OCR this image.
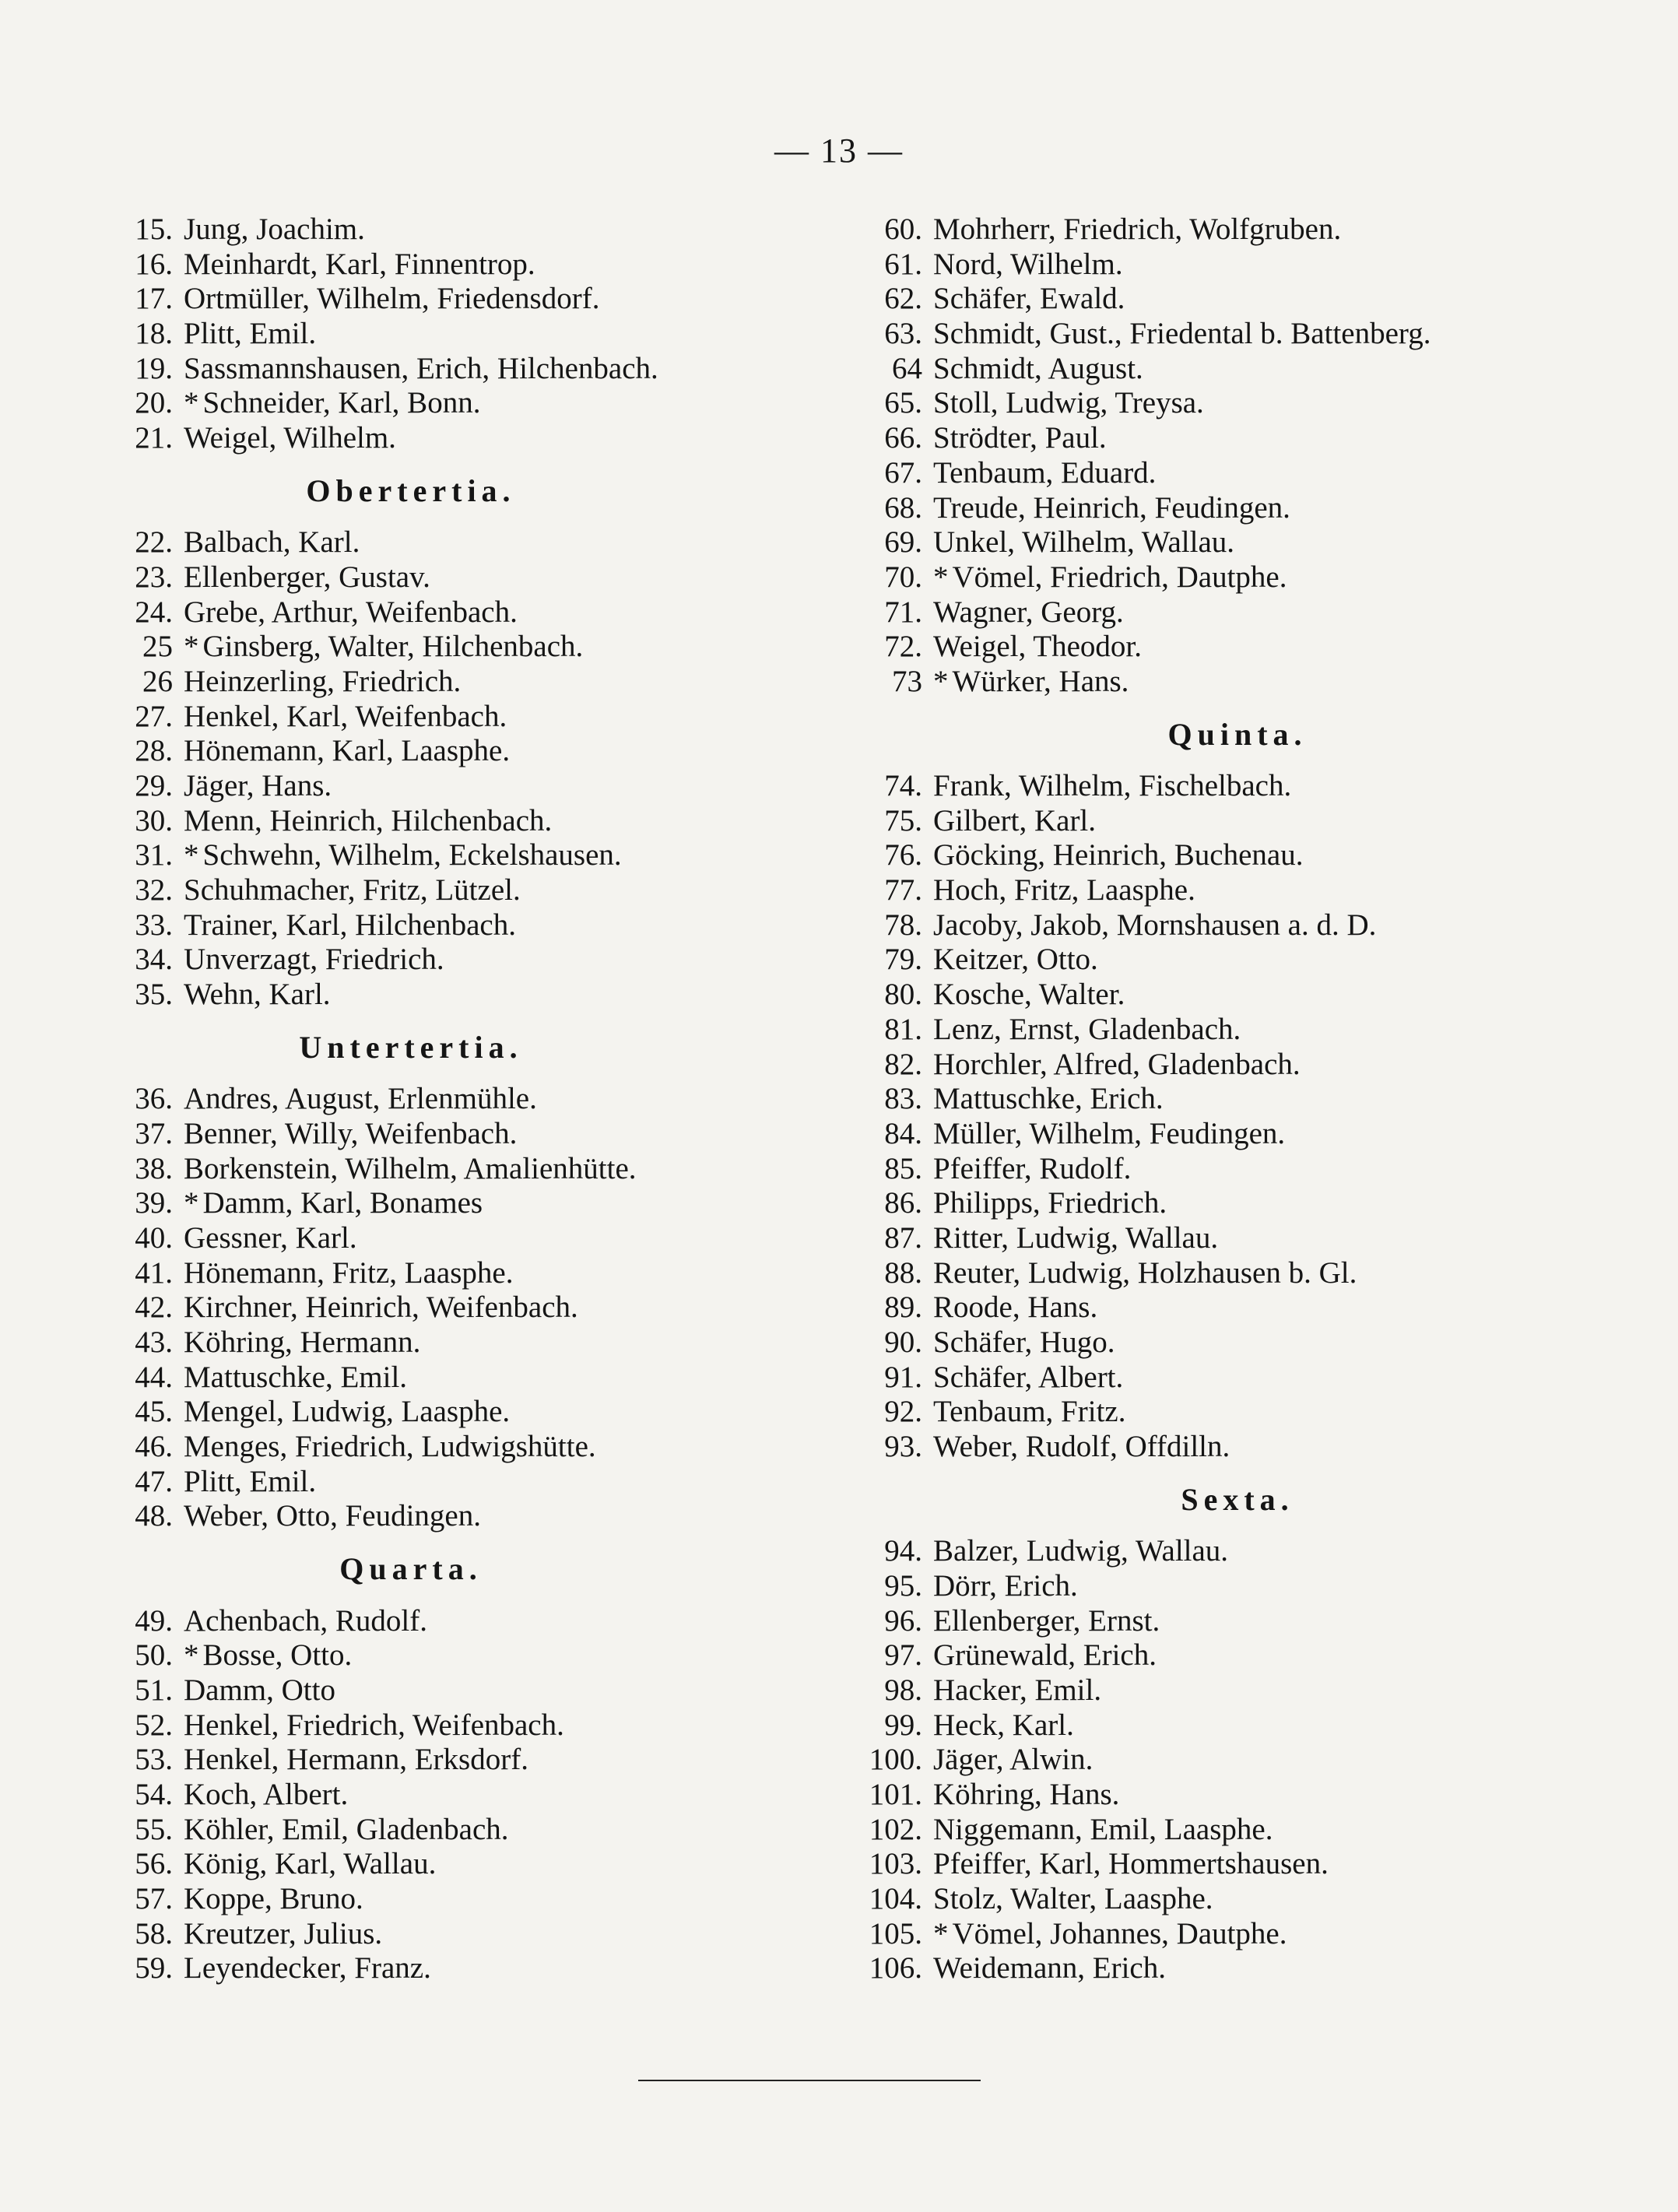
— 13 —
15. Jung, Joachim.
16. Meinhardt, Karl, Finnentrop.
17. Ortmüller, Wilhelm, Friedensdorf.
18. Plitt, Emil.
19. Sassmannshausen, Erich, Hilchenbach.
20. * Schneider, Karl, Bonn.
21. Weigel, Wilhelm.
Obertertia.
22. Balbach, Karl.
23. Ellenberger, Gustav.
24. Grebe, Arthur, Weifenbach.
25 * Ginsberg, Walter, Hilchenbach.
26 Heinzerling, Friedrich.
27. Henkel, Karl, Weifenbach.
28. Hönemann, Karl, Laasphe.
29. Jäger, Hans.
30. Menn, Heinrich, Hilchenbach.
31. * Schwehn, Wilhelm, Eckelshausen.
32. Schuhmacher, Fritz, Lützel.
33. Trainer, Karl, Hilchenbach.
34. Unverzagt, Friedrich.
35. Wehn, Karl.
Untertertia.
36. Andres, August, Erlenmühle.
37. Benner, Willy, Weifenbach.
38. Borkenstein, Wilhelm, Amalienhütte.
39. * Damm, Karl, Bonames
40. Gessner, Karl.
41. Hönemann, Fritz, Laasphe.
42. Kirchner, Heinrich, Weifenbach.
43. Köhring, Hermann.
44. Mattuschke, Emil.
45. Mengel, Ludwig, Laasphe.
46. Menges, Friedrich, Ludwigshütte.
47. Plitt, Emil.
48. Weber, Otto, Feudingen.
Quarta.
49. Achenbach, Rudolf.
50. * Bosse, Otto.
51. Damm, Otto
52. Henkel, Friedrich, Weifenbach.
53. Henkel, Hermann, Erksdorf.
54. Koch, Albert.
55. Köhler, Emil, Gladenbach.
56. König, Karl, Wallau.
57. Koppe, Bruno.
58. Kreutzer, Julius.
59. Leyendecker, Franz.
60. Mohrherr, Friedrich, Wolfgruben.
61. Nord, Wilhelm.
62. Schäfer, Ewald.
63. Schmidt, Gust., Friedental b. Battenberg.
64 Schmidt, August.
65. Stoll, Ludwig, Treysa.
66. Strödter, Paul.
67. Tenbaum, Eduard.
68. Treude, Heinrich, Feudingen.
69. Unkel, Wilhelm, Wallau.
70. * Vömel, Friedrich, Dautphe.
71. Wagner, Georg.
72. Weigel, Theodor.
73 * Würker, Hans.
Quinta.
74. Frank, Wilhelm, Fischelbach.
75. Gilbert, Karl.
76. Göcking, Heinrich, Buchenau.
77. Hoch, Fritz, Laasphe.
78. Jacoby, Jakob, Mornshausen a. d. D.
79. Keitzer, Otto.
80. Kosche, Walter.
81. Lenz, Ernst, Gladenbach.
82. Horchler, Alfred, Gladenbach.
83. Mattuschke, Erich.
84. Müller, Wilhelm, Feudingen.
85. Pfeiffer, Rudolf.
86. Philipps, Friedrich.
87. Ritter, Ludwig, Wallau.
88. Reuter, Ludwig, Holzhausen b. Gl.
89. Roode, Hans.
90. Schäfer, Hugo.
91. Schäfer, Albert.
92. Tenbaum, Fritz.
93. Weber, Rudolf, Offdilln.
Sexta.
94. Balzer, Ludwig, Wallau.
95. Dörr, Erich.
96. Ellenberger, Ernst.
97. Grünewald, Erich.
98. Hacker, Emil.
99. Heck, Karl.
100. Jäger, Alwin.
101. Köhring, Hans.
102. Niggemann, Emil, Laasphe.
103. Pfeiffer, Karl, Hommertshausen.
104. Stolz, Walter, Laasphe.
105. * Vömel, Johannes, Dautphe.
106. Weidemann, Erich.
